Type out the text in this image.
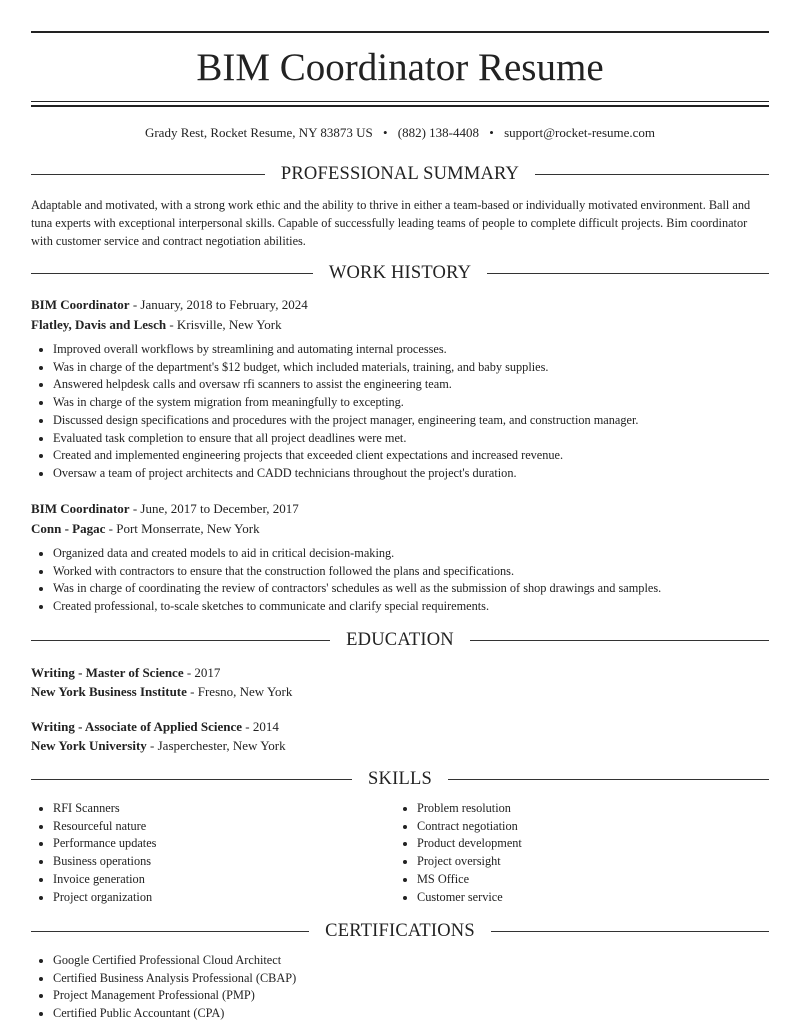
BIM Coordinator Resume
Grady Rest, Rocket Resume, NY 83873 US • (882) 138-4408 • support@rocket-resume.com
PROFESSIONAL SUMMARY
Adaptable and motivated, with a strong work ethic and the ability to thrive in either a team-based or individually motivated environment. Ball and tuna experts with exceptional interpersonal skills. Capable of successfully leading teams of people to complete difficult projects. Bim coordinator with customer service and contract negotiation abilities.
WORK HISTORY
BIM Coordinator - January, 2018 to February, 2024
Flatley, Davis and Lesch - Krisville, New York
• Improved overall workflows by streamlining and automating internal processes.
• Was in charge of the department's $12 budget, which included materials, training, and baby supplies.
• Answered helpdesk calls and oversaw rfi scanners to assist the engineering team.
• Was in charge of the system migration from meaningfully to excepting.
• Discussed design specifications and procedures with the project manager, engineering team, and construction manager.
• Evaluated task completion to ensure that all project deadlines were met.
• Created and implemented engineering projects that exceeded client expectations and increased revenue.
• Oversaw a team of project architects and CADD technicians throughout the project's duration.
BIM Coordinator - June, 2017 to December, 2017
Conn - Pagac - Port Monserrate, New York
• Organized data and created models to aid in critical decision-making.
• Worked with contractors to ensure that the construction followed the plans and specifications.
• Was in charge of coordinating the review of contractors' schedules as well as the submission of shop drawings and samples.
• Created professional, to-scale sketches to communicate and clarify special requirements.
EDUCATION
Writing - Master of Science - 2017
New York Business Institute - Fresno, New York
Writing - Associate of Applied Science - 2014
New York University - Jasperchester, New York
SKILLS
• RFI Scanners
• Resourceful nature
• Performance updates
• Business operations
• Invoice generation
• Project organization
• Problem resolution
• Contract negotiation
• Product development
• Project oversight
• MS Office
• Customer service
CERTIFICATIONS
• Google Certified Professional Cloud Architect
• Certified Business Analysis Professional (CBAP)
• Project Management Professional (PMP)
• Certified Public Accountant (CPA)
